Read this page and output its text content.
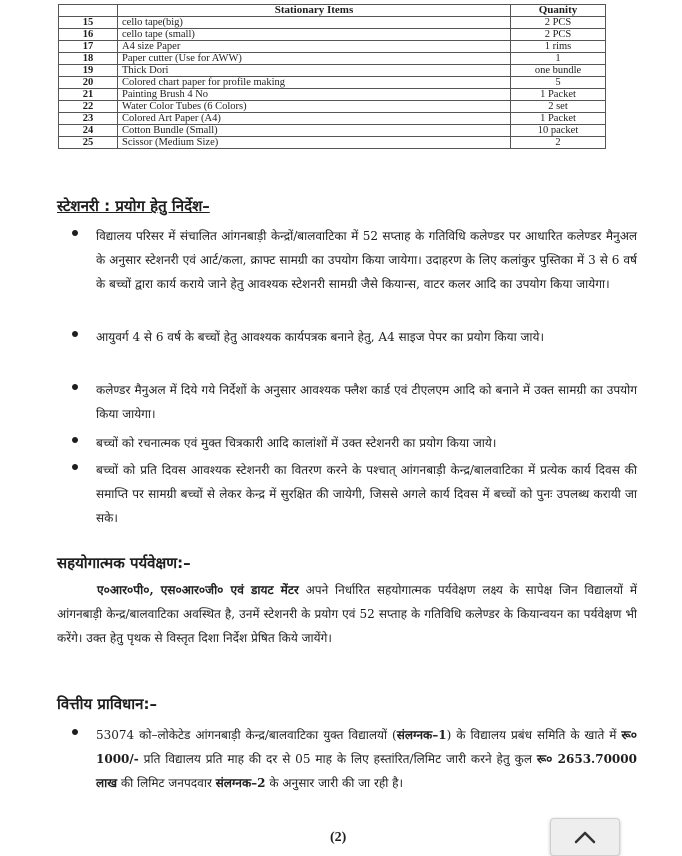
	Stationary Items	Quanity
15	cello tape(big)	2 PCS
16	cello tape (small)	2 PCS
17	A4 size Paper	1 rims
18	Paper cutter (Use for AWW)	1
19	Thick Dori	one bundle
20	Colored chart paper for profile making	5
21	Painting Brush 4 No	1 Packet
22	Water Color Tubes (6 Colors)	2 set
23	Colored Art Paper (A4)	1 Packet
24	Cotton Bundle (Small)	10 packet
25	Scissor (Medium Size)	2
स्टेशनरी : प्रयोग हेतु निर्देश–
विद्यालय परिसर में संचालित आंगनबाड़ी केन्द्रों/बालवाटिका में 52 सप्ताह के गतिविधि कलेण्डर पर आधारित कलेण्डर मैनुअल के अनुसार स्टेशनरी एवं आर्ट/कला, क्राफ्ट सामग्री का उपयोग किया जायेगा। उदाहरण के लिए कलांकुर पुस्तिका में 3 से 6 वर्ष के बच्चों द्वारा कार्य कराये जाने हेतु आवश्यक स्टेशनरी सामग्री जैसे कियान्स, वाटर कलर आदि का उपयोग किया जायेगा।
आयुवर्ग 4 से 6 वर्ष के बच्चों हेतु आवश्यक कार्यपत्रक बनाने हेतु, A4 साइज पेपर का प्रयोग किया जाये।
कलेण्डर मैनुअल में दिये गये निर्देशों के अनुसार आवश्यक फ्लैश कार्ड एवं टीएलएम आदि को बनाने में उक्त सामग्री का उपयोग किया जायेगा।
बच्चों को रचनात्मक एवं मुक्त चित्रकारी आदि कालांशों में उक्त स्टेशनरी का प्रयोग किया जाये।
बच्चों को प्रति दिवस आवश्यक स्टेशनरी का वितरण करने के पश्चात् आंगनबाड़ी केन्द्र/बालवाटिका में प्रत्येक कार्य दिवस की समाप्ति पर सामग्री बच्चों से लेकर केन्द्र में सुरक्षित की जायेगी, जिससे अगले कार्य दिवस में बच्चों को पुनः उपलब्ध करायी जा सके।
सहयोगात्मक पर्यवेक्षण:–
ए०आर०पी०, एस०आर०जी० एवं डायट मेंटर अपने निर्धारित सहयोगात्मक पर्यवेक्षण लक्ष्य के सापेक्ष जिन विद्यालयों में आंगनबाड़ी केन्द्र/बालवाटिका अवस्थित है, उनमें स्टेशनरी के प्रयोग एवं 52 सप्ताह के गतिविधि कलेण्डर के कियान्वयन का पर्यवेक्षण भी करेंगे। उक्त हेतु पृथक से विस्तृत दिशा निर्देश प्रेषित किये जायेंगे।
वित्तीय प्राविधान:–
53074 को–लोकेटेड आंगनबाड़ी केन्द्र/बालवाटिका युक्त विद्यालयों (संलग्नक–1) के विद्यालय प्रबंध समिति के खाते में रू० 1000/- प्रति विद्यालय प्रति माह की दर से 05 माह के लिए हस्तांरित/लिमिट जारी करने हेतु कुल रू० 2653.70000 लाख की लिमिट जनपदवार संलग्नक–2 के अनुसार जारी की जा रही है।
(2)
